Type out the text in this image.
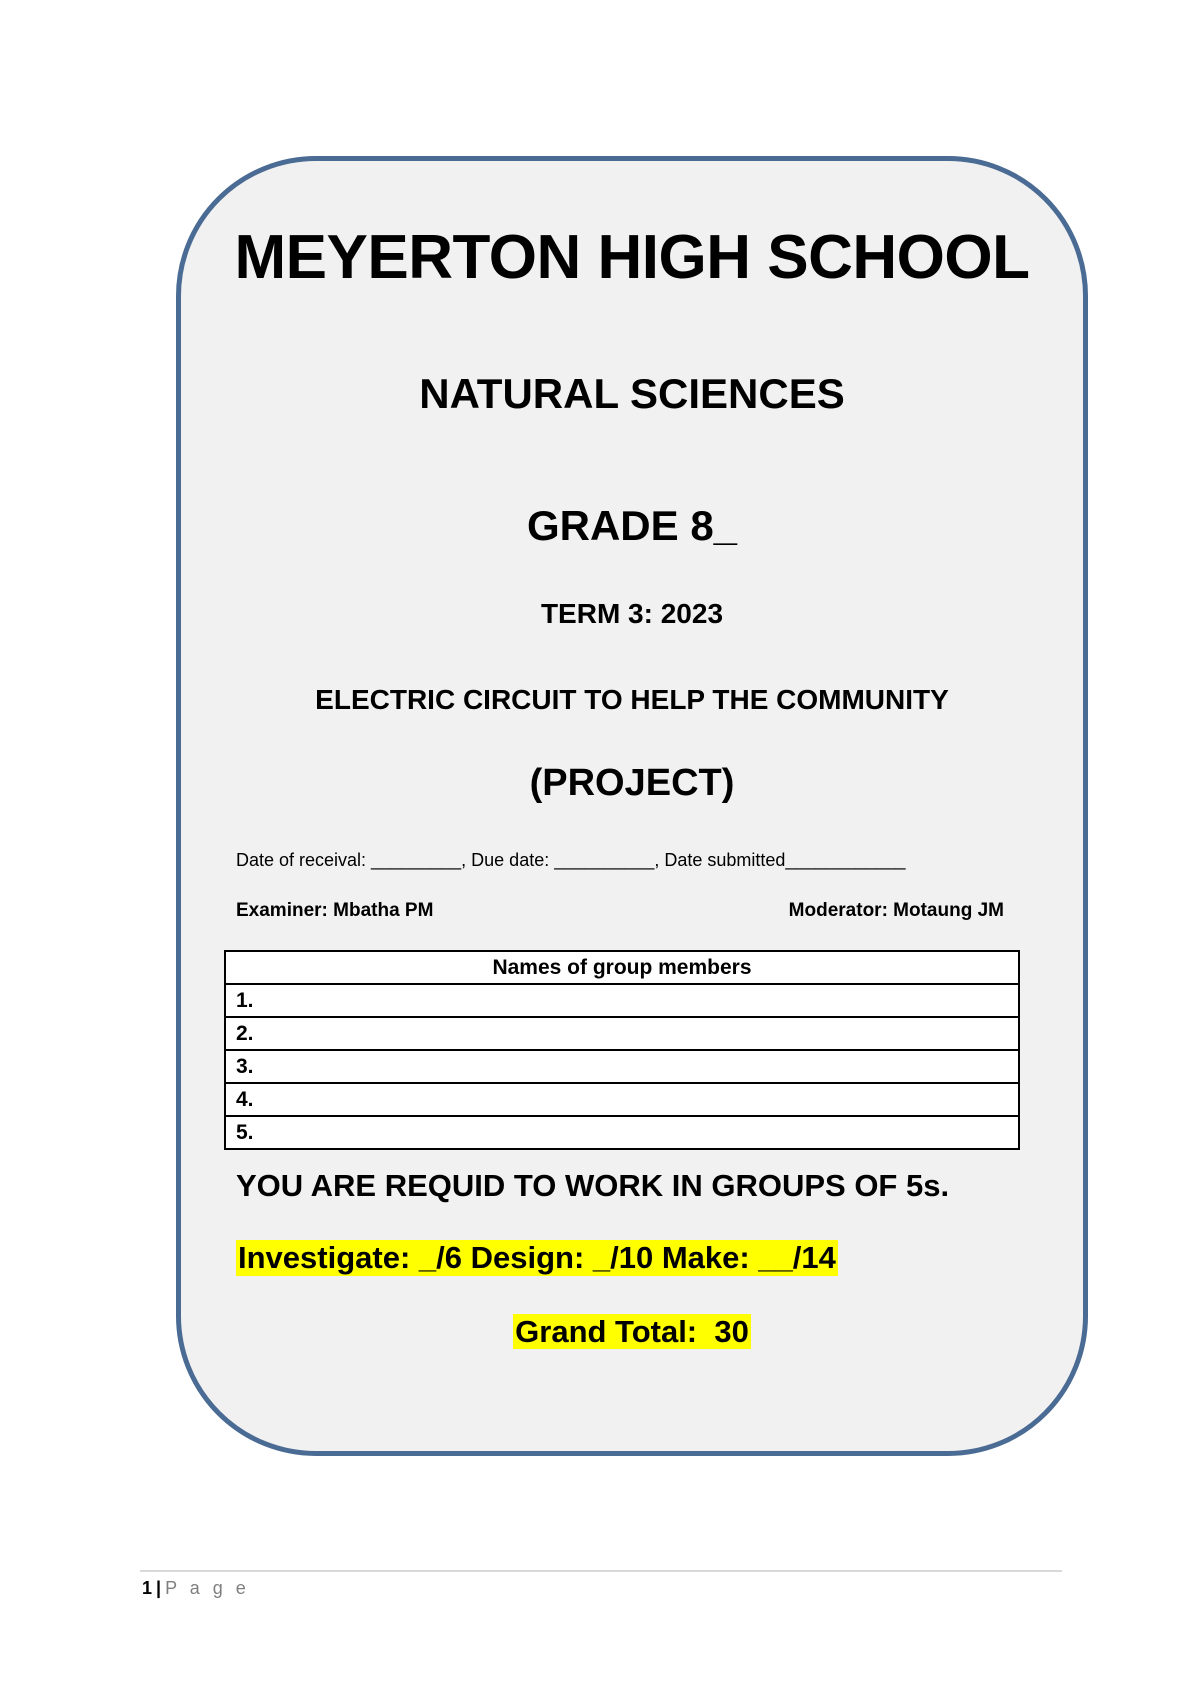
MEYERTON HIGH SCHOOL
NATURAL SCIENCES
GRADE 8_
TERM 3: 2023
ELECTRIC CIRCUIT TO HELP THE COMMUNITY
(PROJECT)
Date of receival: _________, Due date: __________, Date submitted____________
Examiner: Mbatha PM	Moderator: Motaung JM
Names of group members
1.
2.
3.
4.
5.
YOU ARE REQUID TO WORK IN GROUPS OF 5s.
Investigate: _/6 Design: _/10 Make: __/14
Grand Total:  30
1 | P a g e
